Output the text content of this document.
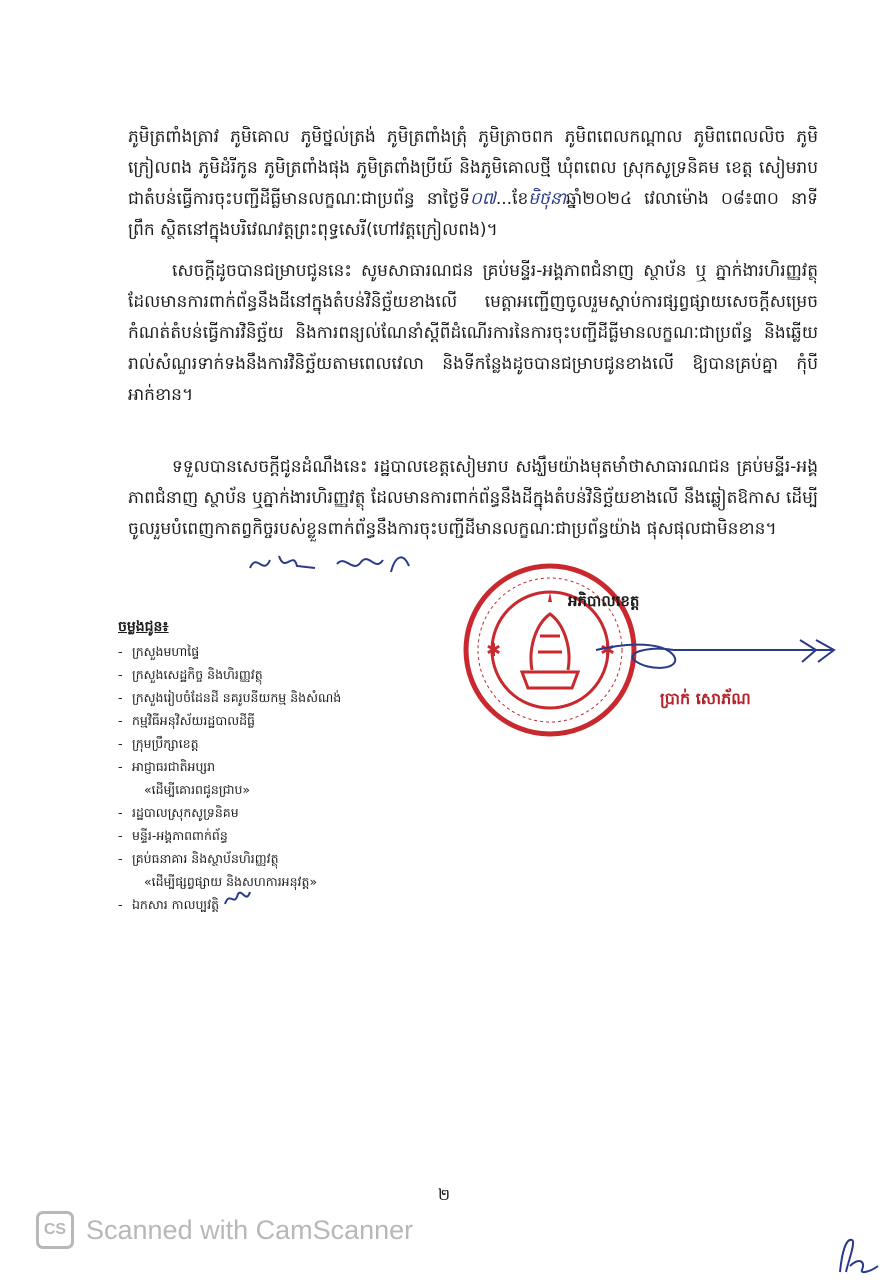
ភូមិត្រពាំងត្រាវ ភូមិគោល ភូមិថ្នល់ត្រង់ ភូមិត្រពាំងត្រុំ ភូមិត្រាចពក ភូមិពពេលកណ្ដាល ភូមិពពេលលិច ភូមិក្រៀលពង ភូមិដំរីកូន ភូមិត្រពាំងផុង ភូមិត្រពាំងប្រីយ៍ និងភូមិគោលថ្មី ឃុំពពេល ស្រុកសូទ្រនិគម ខេត្ត សៀមរាប ជាតំបន់ធ្វើការចុះបញ្ជីដីធ្លីមានលក្ខណៈជាប្រព័ន្ធ នាថ្ងៃទី០៧...ខែមិថុនាឆ្នាំ២០២៤ វេលាម៉ោង ០៨៖៣០ នាទីព្រឹក ស្ថិតនៅក្នុងបរិវេណវត្តព្រះពុទ្ធសេរី(ហៅវត្តក្រៀលពង)។

សេចក្ដីដូចបានជម្រាបជូននេះ សូមសាធារណជន គ្រប់មន្ទីរ-អង្គភាពជំនាញ ស្ថាប័ន ឬ ភ្នាក់ងារហិរញ្ញវត្ថុ ដែលមានការពាក់ព័ន្ធនឹងដីនៅក្នុងតំបន់វិនិច្ឆ័យខាងលើ មេត្តាអញ្ជើញចូលរួមស្ដាប់ការផ្សព្វផ្សាយសេចក្ដីសម្រេច កំណត់តំបន់ធ្វើការវិនិច្ឆ័យ និងការពន្យល់ណែនាំស្ដីពីដំណើរការនៃការចុះបញ្ជីដីធ្លីមានលក្ខណៈជាប្រព័ន្ធ និងឆ្លើយរាល់សំណួរទាក់ទងនឹងការវិនិច្ឆ័យតាមពេលវេលា និងទីកន្លែងដូចបានជម្រាបជូនខាងលើ ឱ្យបានគ្រប់គ្នា កុំបីអាក់ខាន។

ទទួលបានសេចក្ដីជូនដំណឹងនេះ រដ្ឋបាលខេត្តសៀមរាប សង្ឃឹមយ៉ាងមុតមាំថាសាធារណជន គ្រប់មន្ទីរ-អង្គភាពជំនាញ ស្ថាប័ន ឬភ្នាក់ងារហិរញ្ញវត្ថុ ដែលមានការពាក់ព័ន្ធនឹងដីក្នុងតំបន់វិនិច្ឆ័យខាងលើ នឹងឆ្លៀតឱកាស ដើម្បីចូលរួមបំពេញកាតព្វកិច្ចរបស់ខ្លួនពាក់ព័ន្ធនឹងការចុះបញ្ជីដីមានលក្ខណៈជាប្រព័ន្ធយ៉ាង ផុសផុលជាមិនខាន។

✱	✱
អភិបាលខេត្ត
ប្រាក់ សោភ័ណ
ចម្លងជូន៖
- ក្រសួងមហាផ្ទៃ
- ក្រសួងសេដ្ឋកិច្ច និងហិរញ្ញវត្ថុ
- ក្រសួងរៀបចំដែនដី នគរូបនីយកម្ម និងសំណង់
- កម្មវិធីអនុវិស័យរដ្ឋបាលដីធ្លី
- ក្រុមប្រឹក្សាខេត្ត
- អាជ្ញាធរជាតិអប្សរា
«ដើម្បីគោរពជូនជ្រាប»
- រដ្ឋបាលស្រុកសូទ្រនិគម
- មន្ទីរ-អង្គភាពពាក់ព័ន្ធ
- គ្រប់ធនាគារ និងស្ថាប័នហិរញ្ញវត្ថុ
«ដើម្បីផ្សព្វផ្សាយ និងសហការអនុវត្ត»
- ឯកសារ កាលប្បវត្តិ
២
CS Scanned with CamScanner
